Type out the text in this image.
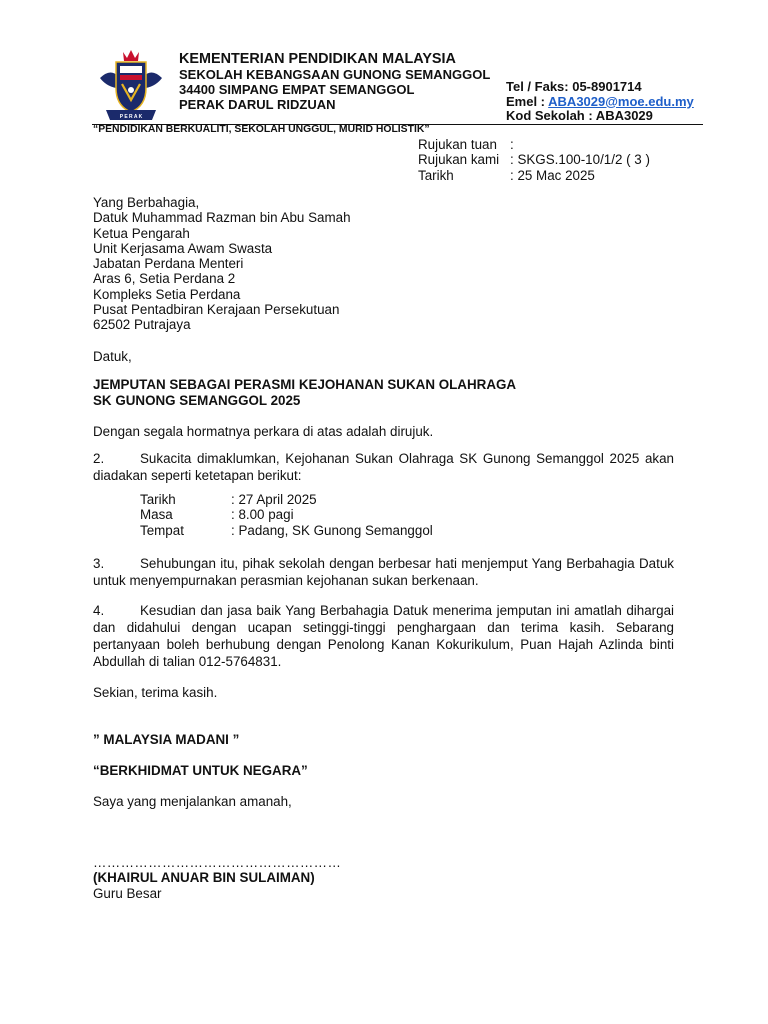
P E R A K
KEMENTERIAN PENDIDIKAN MALAYSIA
SEKOLAH KEBANGSAAN GUNONG SEMANGGOL
34400 SIMPANG EMPAT SEMANGGOL
PERAK DARUL RIDZUAN
Tel / Faks: 05-8901714
Emel : ABA3029@moe.edu.my
Kod Sekolah : ABA3029
“PENDIDIKAN BERKUALITI, SEKOLAH UNGGUL, MURID HOLISTIK”
Rujukan tuan :
Rujukan kami : SKGS.100-10/1/2 ( 3 )
Tarikh	: 25 Mac 2025
Yang Berbahagia,
Datuk Muhammad Razman bin Abu Samah
Ketua Pengarah
Unit Kerjasama Awam Swasta
Jabatan Perdana Menteri
Aras 6, Setia Perdana 2
Kompleks Setia Perdana
Pusat Pentadbiran Kerajaan Persekutuan
62502 Putrajaya
Datuk,
JEMPUTAN SEBAGAI PERASMI KEJOHANAN SUKAN OLAHRAGA
SK GUNONG SEMANGGOL 2025
Dengan segala hormatnya perkara di atas adalah dirujuk.
2.	Sukacita dimaklumkan, Kejohanan Sukan Olahraga SK Gunong Semanggol 2025 akan diadakan seperti ketetapan berikut:
Tarikh	: 27 April 2025
Masa	: 8.00 pagi
Tempat	: Padang, SK Gunong Semanggol
3.	Sehubungan itu, pihak sekolah dengan berbesar hati menjemput Yang Berbahagia Datuk untuk menyempurnakan perasmian kejohanan sukan berkenaan.
4.	Kesudian dan jasa baik Yang Berbahagia Datuk menerima jemputan ini amatlah dihargai dan didahului dengan ucapan setinggi-tinggi penghargaan dan terima kasih. Sebarang pertanyaan boleh berhubung dengan Penolong Kanan Kokurikulum, Puan Hajah Azlinda binti Abdullah di talian 012-5764831.
Sekian, terima kasih.
” MALAYSIA MADANI ”
“BERKHIDMAT UNTUK NEGARA”
Saya yang menjalankan amanah,
………………………………………………
(KHAIRUL ANUAR BIN SULAIMAN)
Guru Besar
